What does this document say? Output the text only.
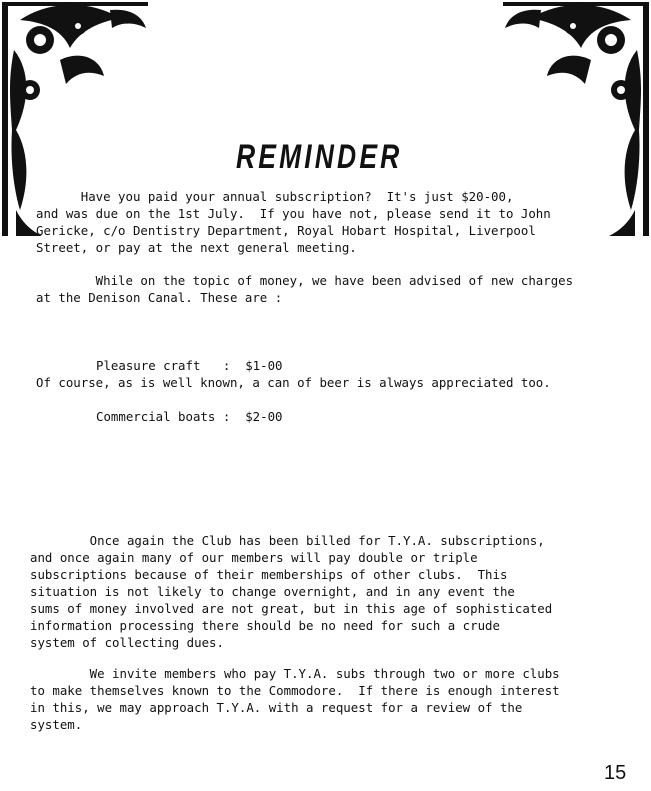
REMINDER

Have you paid your annual subscription?  It's just $20-00,
and was due on the 1st July.  If you have not, please send it to John
Gericke, c/o Dentistry Department, Royal Hobart Hospital, Liverpool
Street, or pay at the next general meeting.

While on the topic of money, we have been advised of new charges
at the Denison Canal. These are :

Pleasure craft   : $1-00

Commercial boats : $2-00

Of course, as is well known, a can of beer is always appreciated too.

Once again the Club has been billed for T.Y.A. subscriptions,
and once again many of our members will pay double or triple
subscriptions because of their memberships of other clubs.  This
situation is not likely to change overnight, and in any event the
sums of money involved are not great, but in this age of sophisticated
information processing there should be no need for such a crude
system of collecting dues.

We invite members who pay T.Y.A. subs through two or more clubs
to make themselves known to the Commodore.  If there is enough interest
in this, we may approach T.Y.A. with a request for a review of the
system.

15
